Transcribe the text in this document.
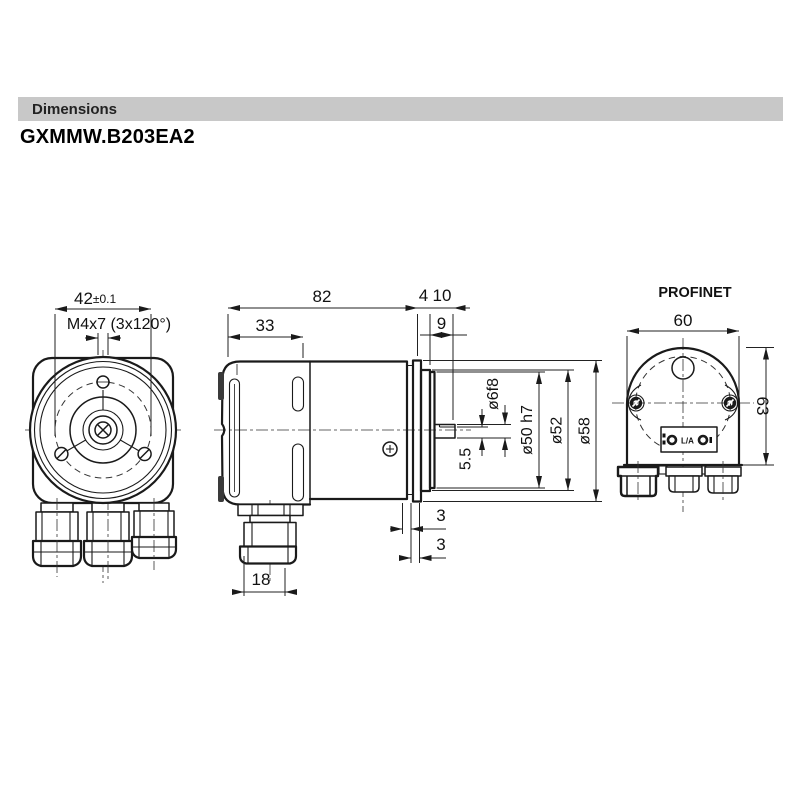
Dimensions
GXMMW.B203EA2
42±0.1
M4x7 (3x120°)
82	4 10
33	9
ø58
ø52
ø50 h7
ø6f8
5.5
3
3
18
PROFINET
L/A
60
63
